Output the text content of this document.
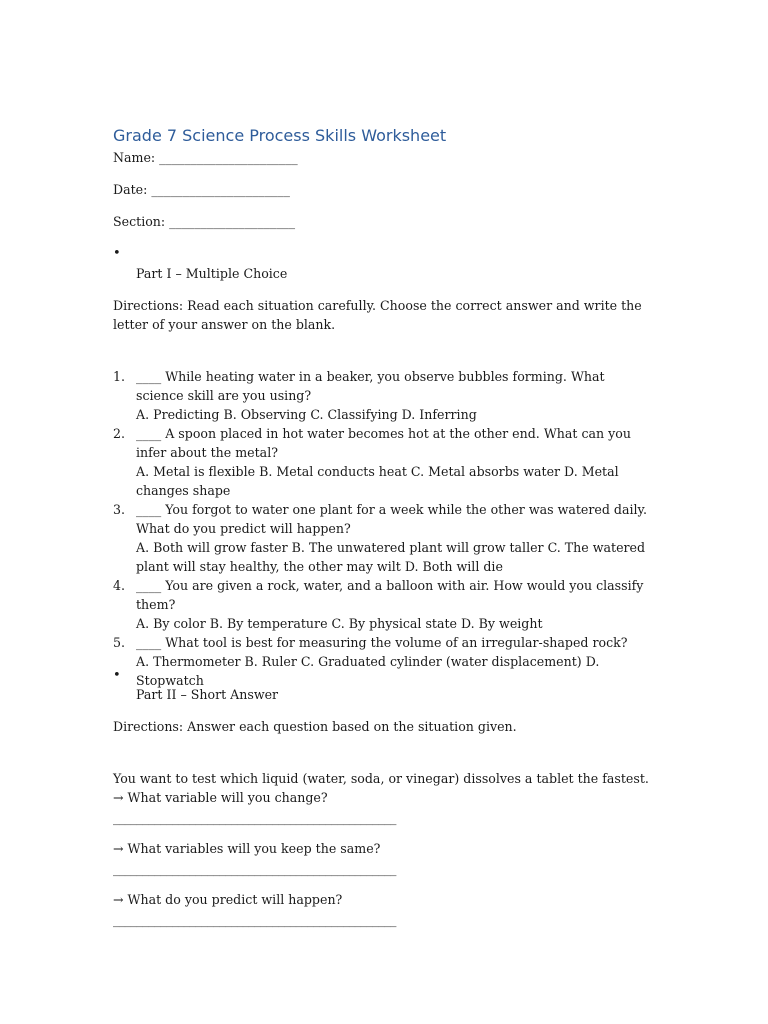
Grade 7 Science Process Skills Worksheet

Name: ______________________

Date: ______________________

Section: ____________________

•

Part I – Multiple Choice

Directions: Read each situation carefully. Choose the correct answer and write the letter of your answer on the blank.

1. ____ While heating water in a beaker, you observe bubbles forming. What science skill are you using?
A. Predicting B. Observing C. Classifying D. Inferring
2. ____ A spoon placed in hot water becomes hot at the other end. What can you infer about the metal?
A. Metal is flexible B. Metal conducts heat C. Metal absorbs water D. Metal changes shape
3. ____ You forgot to water one plant for a week while the other was watered daily. What do you predict will happen?
A. Both will grow faster B. The unwatered plant will grow taller C. The watered plant will stay healthy, the other may wilt D. Both will die
4. ____ You are given a rock, water, and a balloon with air. How would you classify them?
A. By color B. By temperature C. By physical state D. By weight
5. ____ What tool is best for measuring the volume of an irregular-shaped rock?
A. Thermometer B. Ruler C. Graduated cylinder (water displacement) D. Stopwatch
•

Part II – Short Answer

Directions: Answer each question based on the situation given.

You want to test which liquid (water, soda, or vinegar) dissolves a tablet the fastest.

→ What variable will you change?

________________________________________________

→ What variables will you keep the same?

________________________________________________

→ What do you predict will happen?

________________________________________________
